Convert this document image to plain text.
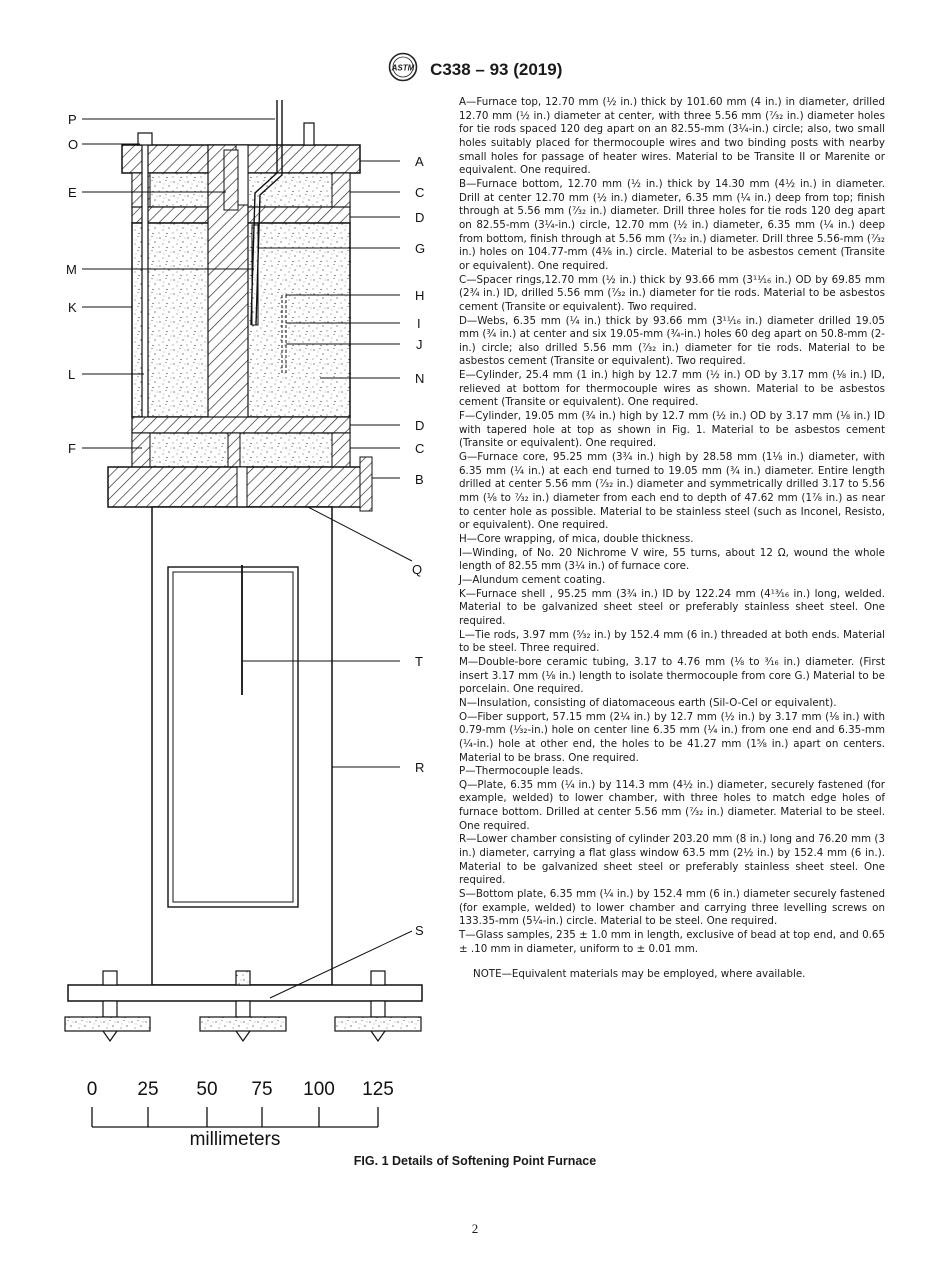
ASTM C338 – 93 (2019)
P
O
E
M
K
L
F
A
C
D
G
H
I
J
N
D
C
B
Q
T
R
S
0 25 50 75 100 125
millimeters

A—Furnace top, 12.70 mm (½ in.) thick by 101.60 mm (4 in.) in diameter, drilled 12.70 mm (½ in.) diameter at center, with three 5.56 mm (⁷⁄₃₂ in.) diameter holes for tie rods spaced 120 deg apart on an 82.55-mm (3¼-in.) circle; also, two small holes suitably placed for thermocouple wires and two binding posts with nearby small holes for passage of heater wires. Material to be Transite II or Marenite or equivalent. One required.

B—Furnace bottom, 12.70 mm (½ in.) thick by 14.30 mm (4½ in.) in diameter. Drill at center 12.70 mm (½ in.) diameter, 6.35 mm (¼ in.) deep from top; finish through at 5.56 mm (⁷⁄₃₂ in.) diameter. Drill three holes for tie rods 120 deg apart on 82.55-mm (3¼-in.) circle, 12.70 mm (½ in.) diameter, 6.35 mm (¼ in.) deep from bottom, finish through at 5.56 mm (⁷⁄₃₂ in.) diameter. Drill three 5.56-mm (⁷⁄₃₂ in.) holes on 104.77-mm (4⅛ in.) circle. Material to be asbestos cement (Transite or equivalent). One required.

C—Spacer rings,12.70 mm (½ in.) thick by 93.66 mm (3¹¹⁄₁₆ in.) OD by 69.85 mm (2¾ in.) ID, drilled 5.56 mm (⁷⁄₃₂ in.) diameter for tie rods. Material to be asbestos cement (Transite or equivalent). Two required.

D—Webs, 6.35 mm (¼ in.) thick by 93.66 mm (3¹¹⁄₁₆ in.) diameter drilled 19.05 mm (¾ in.) at center and six 19.05-mm (¾-in.) holes 60 deg apart on 50.8-mm (2-in.) circle; also drilled 5.56 mm (⁷⁄₃₂ in.) diameter for tie rods. Material to be asbestos cement (Transite or equivalent). Two required.

E—Cylinder, 25.4 mm (1 in.) high by 12.7 mm (½ in.) OD by 3.17 mm (⅛ in.) ID, relieved at bottom for thermocouple wires as shown. Material to be asbestos cement (Transite or equivalent). One required.

F—Cylinder, 19.05 mm (¾ in.) high by 12.7 mm (½ in.) OD by 3.17 mm (⅛ in.) ID with tapered hole at top as shown in Fig. 1. Material to be asbestos cement (Transite or equivalent). One required.

G—Furnace core, 95.25 mm (3¾ in.) high by 28.58 mm (1⅛ in.) diameter, with 6.35 mm (¼ in.) at each end turned to 19.05 mm (¾ in.) diameter. Entire length drilled at center 5.56 mm (⁷⁄₃₂ in.) diameter and symmetrically drilled 3.17 to 5.56 mm (⅛ to ⁷⁄₃₂ in.) diameter from each end to depth of 47.62 mm (1⅞ in.) as near to center hole as possible. Material to be stainless steel (such as Inconel, Resisto, or equivalent). One required.

H—Core wrapping, of mica, double thickness.

I—Winding, of No. 20 Nichrome V wire, 55 turns, about 12 Ω, wound the whole length of 82.55 mm (3¼ in.) of furnace core.

J—Alundum cement coating.

K—Furnace shell , 95.25 mm (3¾ in.) ID by 122.24 mm (4¹³⁄₁₆ in.) long, welded. Material to be galvanized sheet steel or preferably stainless sheet steel. One required.

L—Tie rods, 3.97 mm (⁵⁄₃₂ in.) by 152.4 mm (6 in.) threaded at both ends. Material to be steel. Three required.

M—Double-bore ceramic tubing, 3.17 to 4.76 mm (⅛ to ³⁄₁₆ in.) diameter. (First insert 3.17 mm (⅛ in.) length to isolate thermocouple from core G.) Material to be porcelain. One required.

N—Insulation, consisting of diatomaceous earth (Sil-O-Cel or equivalent).

O—Fiber support, 57.15 mm (2¼ in.) by 12.7 mm (½ in.) by 3.17 mm (⅛ in.) with 0.79-mm (¹⁄₃₂-in.) hole on center line 6.35 mm (¼ in.) from one end and 6.35-mm (¼-in.) hole at other end, the holes to be 41.27 mm (1⅝ in.) apart on centers. Material to be brass. One required.

P—Thermocouple leads.

Q—Plate, 6.35 mm (¼ in.) by 114.3 mm (4½ in.) diameter, securely fastened (for example, welded) to lower chamber, with three holes to match edge holes of furnace bottom. Drilled at center 5.56 mm (⁷⁄₃₂ in.) diameter. Material to be steel. One required.

R—Lower chamber consisting of cylinder 203.20 mm (8 in.) long and 76.20 mm (3 in.) diameter, carrying a flat glass window 63.5 mm (2½ in.) by 152.4 mm (6 in.). Material to be galvanized sheet steel or preferably stainless sheet steel. One required.

S—Bottom plate, 6.35 mm (¼ in.) by 152.4 mm (6 in.) diameter securely fastened (for example, welded) to lower chamber and carrying three levelling screws on 133.35-mm (5¼-in.) circle. Material to be steel. One required.

T—Glass samples, 235 ± 1.0 mm in length, exclusive of bead at top end, and 0.65 ± .10 mm in diameter, uniform to ± 0.01 mm.

NOTE—Equivalent materials may be employed, where available.

FIG. 1 Details of Softening Point Furnace
2
